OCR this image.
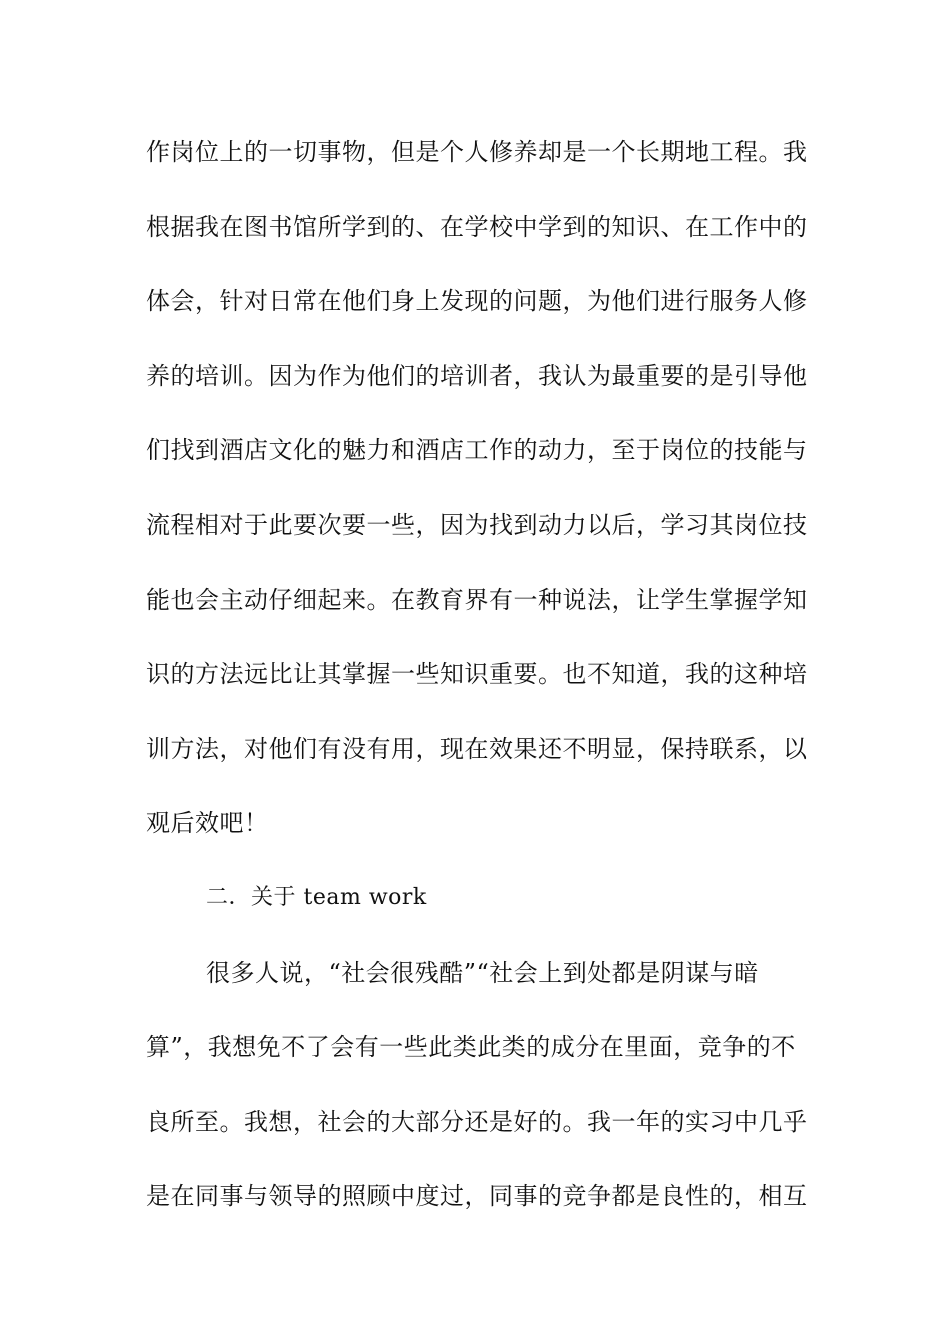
作岗位上的一切事物，但是个人修养却是一个长期地工程。我
根据我在图书馆所学到的、在学校中学到的知识、在工作中的
体会，针对日常在他们身上发现的问题，为他们进行服务人修
养的培训。因为作为他们的培训者，我认为最重要的是引导他
们找到酒店文化的魅力和酒店工作的动力，至于岗位的技能与
流程相对于此要次要一些，因为找到动力以后，学习其岗位技
能也会主动仔细起来。在教育界有一种说法，让学生掌握学知
识的方法远比让其掌握一些知识重要。也不知道，我的这种培
训方法，对他们有没有用，现在效果还不明显，保持联系，以
观后效吧！
二．关于 team work
很多人说，“社会很残酷”“社会上到处都是阴谋与暗
算”，我想免不了会有一些此类此类的成分在里面，竞争的不
良所至。我想，社会的大部分还是好的。我一年的实习中几乎
是在同事与领导的照顾中度过，同事的竞争都是良性的，相互
